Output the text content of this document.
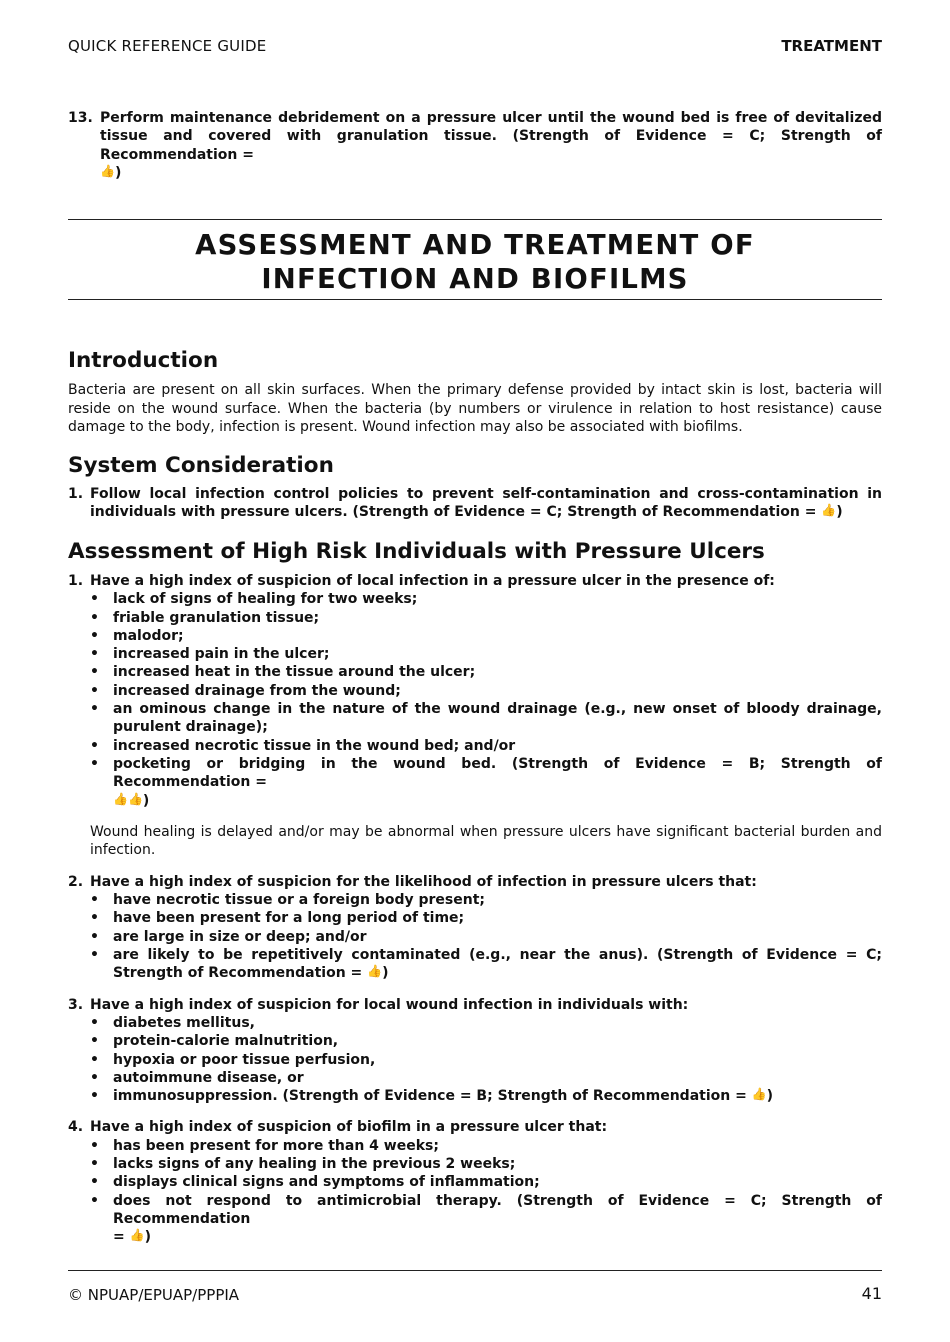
QUICK REFERENCE GUIDE	TREATMENT
13. Perform maintenance debridement on a pressure ulcer until the wound bed is free of devitalized tissue and covered with granulation tissue. (Strength of Evidence = C; Strength of Recommendation =
👍)
ASSESSMENT AND TREATMENT OF
INFECTION AND BIOFILMS
Introduction
Bacteria are present on all skin surfaces. When the primary defense provided by intact skin is lost, bacteria will reside on the wound surface. When the bacteria (by numbers or virulence in relation to host resistance) cause damage to the body, infection is present. Wound infection may also be associated with biofilms.
System Consideration
1. Follow local infection control policies to prevent self-contamination and cross-contamination in individuals with pressure ulcers. (Strength of Evidence = C; Strength of Recommendation = 👍)
Assessment of High Risk Individuals with Pressure Ulcers
1. Have a high index of suspicion of local infection in a pressure ulcer in the presence of:
•	lack of signs of healing for two weeks;
•	friable granulation tissue;
•	malodor;
•	increased pain in the ulcer;
•	increased heat in the tissue around the ulcer;
•	increased drainage from the wound;
•	an ominous change in the nature of the wound drainage (e.g., new onset of bloody drainage, purulent drainage);
•	increased necrotic tissue in the wound bed; and/or
•	pocketing or bridging in the wound bed. (Strength of Evidence = B; Strength of Recommendation =
👍👍)
Wound healing is delayed and/or may be abnormal when pressure ulcers have significant bacterial burden and infection.
2. Have a high index of suspicion for the likelihood of infection in pressure ulcers that:
•	have necrotic tissue or a foreign body present;
•	have been present for a long period of time;
•	are large in size or deep; and/or
•	are likely to be repetitively contaminated (e.g., near the anus). (Strength of Evidence = C; Strength of Recommendation = 👍)
3. Have a high index of suspicion for local wound infection in individuals with:
•	diabetes mellitus,
•	protein-calorie malnutrition,
•	hypoxia or poor tissue perfusion,
•	autoimmune disease, or
•	immunosuppression. (Strength of Evidence = B; Strength of Recommendation = 👍)
4. Have a high index of suspicion of biofilm in a pressure ulcer that:
•	has been present for more than 4 weeks;
•	lacks signs of any healing in the previous 2 weeks;
•	displays clinical signs and symptoms of inflammation;
•	does not respond to antimicrobial therapy. (Strength of Evidence = C; Strength of Recommendation
= 👍)
© NPUAP/EPUAP/PPPIA	41
